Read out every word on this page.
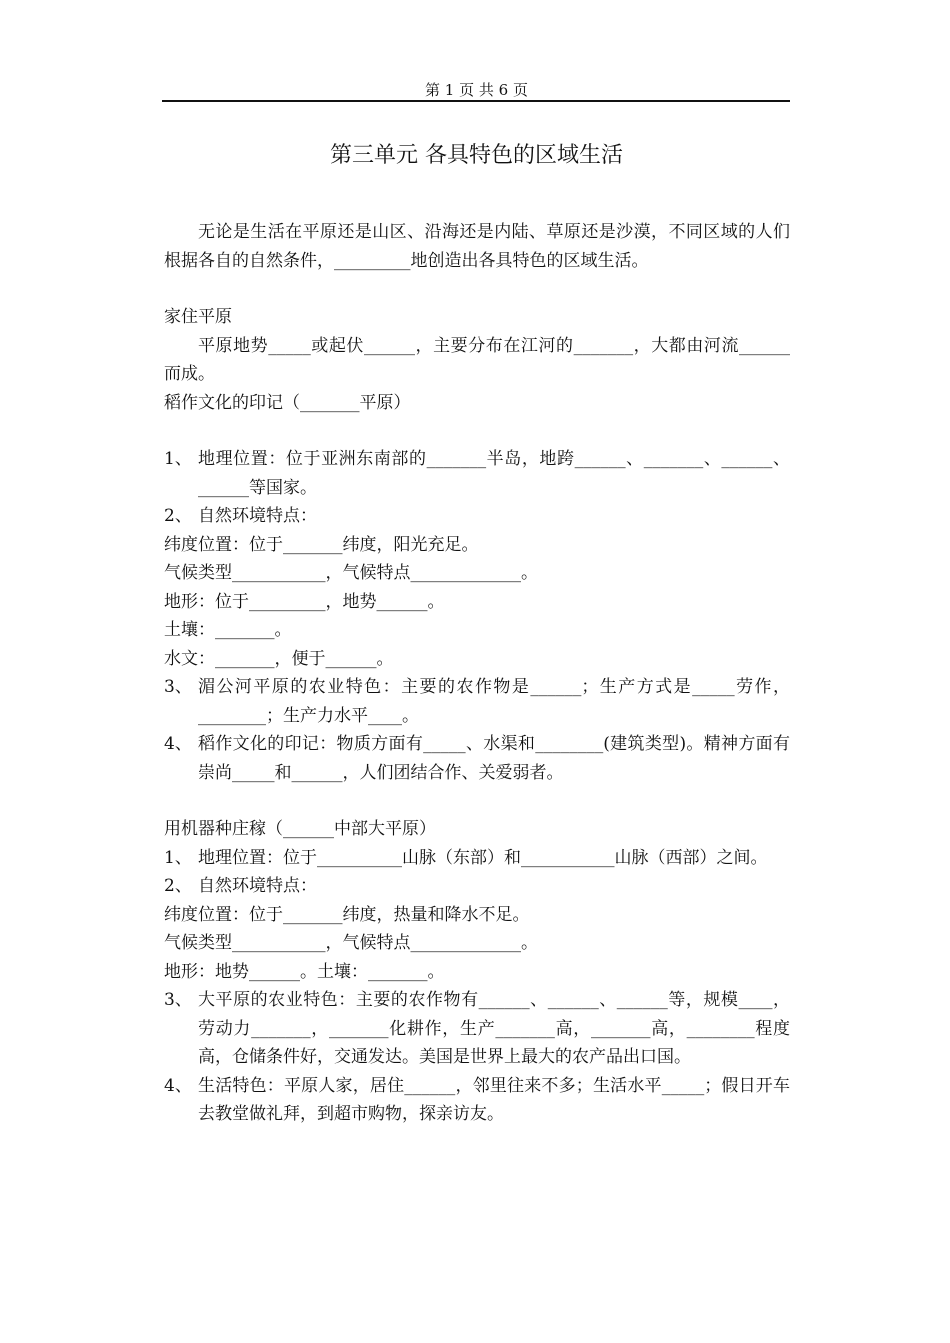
第 1 页 共 6 页
第三单元 各具特色的区域生活

无论是生活在平原还是山区、沿海还是内陆、草原还是沙漠，不同区域的人们根据各自的自然条件，_________地创造出各具特色的区域生活。

家住平原

平原地势_____或起伏______，主要分布在江河的_______，大都由河流______而成。

稻作文化的印记（_______平原）

1、 地理位置：位于亚洲东南部的_______半岛，地跨______、_______、______、______等国家。
2、 自然环境特点：

纬度位置：位于_______纬度，阳光充足。

气候类型___________，气候特点_____________。

地形：位于_________，地势______。

土壤：_______。

水文：_______，便于______。

3、 湄公河平原的农业特色：主要的农作物是______；生产方式是_____劳作，________；生产力水平____。
4、 稻作文化的印记：物质方面有_____、水渠和________(建筑类型)。精神方面有崇尚_____和______，人们团结合作、关爱弱者。

用机器种庄稼（______中部大平原）

1、 地理位置：位于__________山脉（东部）和___________山脉（西部）之间。
2、 自然环境特点：

纬度位置：位于_______纬度，热量和降水不足。

气候类型___________，气候特点_____________。

地形：地势______。土壤：_______。

3、 大平原的农业特色：主要的农作物有______、______、______等，规模____，劳动力_______，_______化耕作，生产_______高，_______高，________程度高，仓储条件好，交通发达。美国是世界上最大的农产品出口国。
4、 生活特色：平原人家，居住______，邻里往来不多；生活水平_____；假日开车去教堂做礼拜，到超市购物，探亲访友。
